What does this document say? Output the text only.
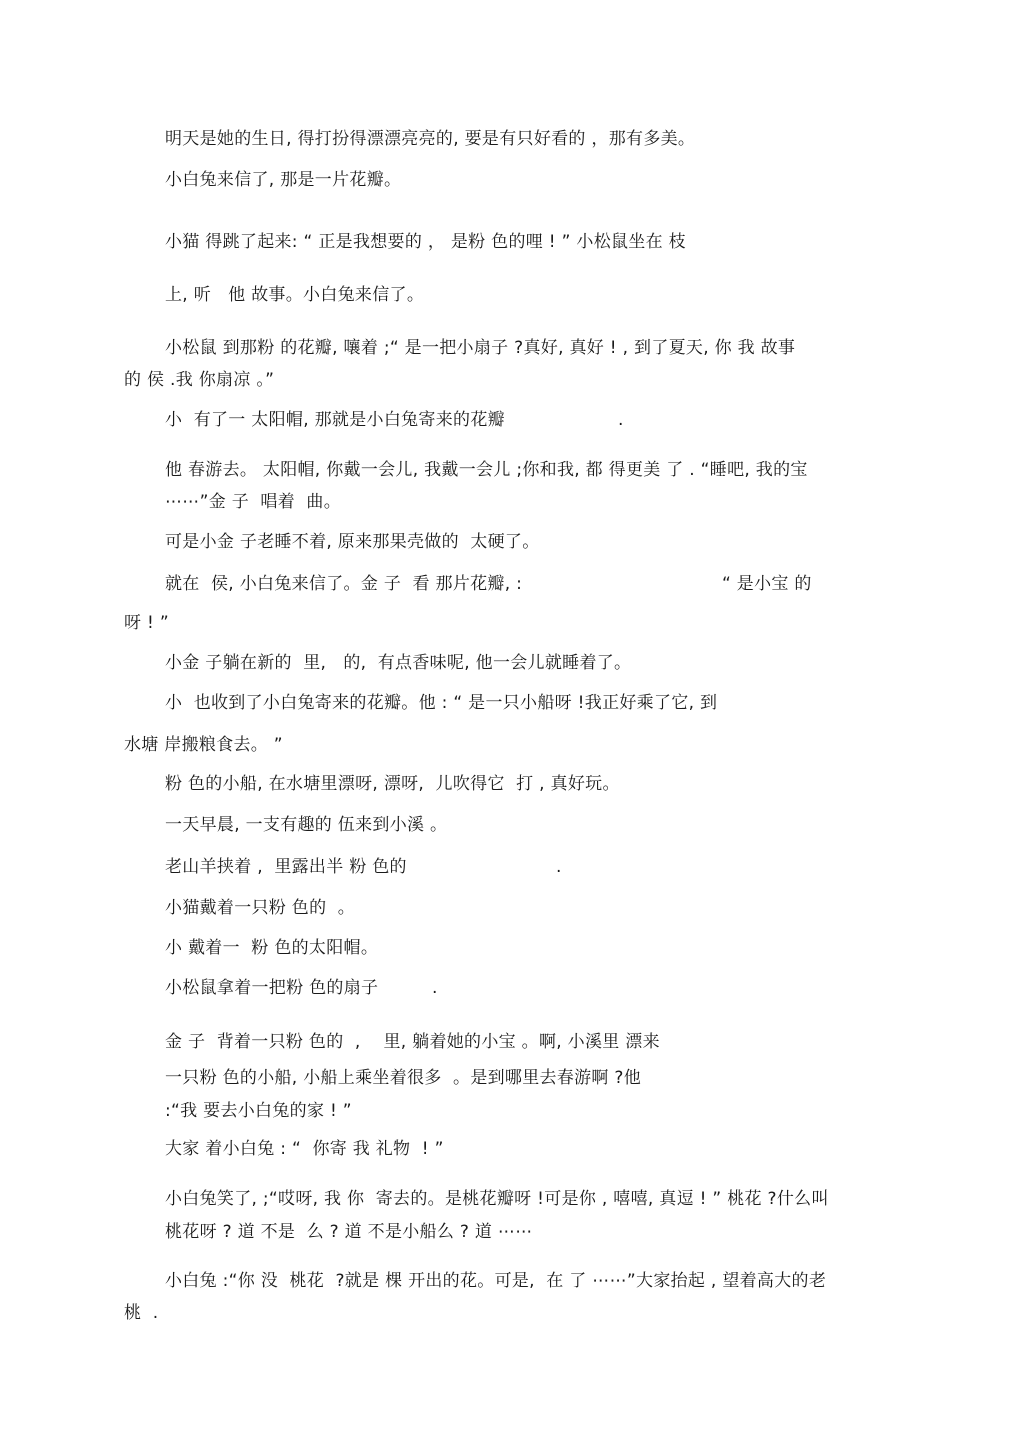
明天是她的生日, 得打扮得漂漂亮亮的, 要是有只好看的 ，那有多美。
小白兔来信了, 那是一片花瓣。
小猫 得跳了起来: “ 正是我想要的 ， 是粉 色的哩 ! ” 小松鼠坐在 枝
上, 听   他 故事。小白兔来信了。
小松鼠 到那粉 的花瓣, 嚷着 ;“ 是一把小扇子 ?真好, 真好 ! , 到了夏天, 你 我 故事
的 侯 .我 你扇凉 。”
小  有了一 太阳帽, 那就是小白兔寄来的花瓣	.
他 春游去。 太阳帽, 你戴一会儿, 我戴一会儿 ;你和我, 都 得更美 了 . “睡吧, 我的宝
⋯⋯”金 子  唱着  曲。
可是小金 子老睡不着, 原来那果壳做的  太硬了。
就在  侯, 小白兔来信了。金 子  看 那片花瓣, :	“ 是小宝 的
呀 ! ”
小金 子躺在新的  里,   的,  有点香味呢, 他一会儿就睡着了。
小  也收到了小白兔寄来的花瓣。他 : “ 是一只小船呀 !我正好乘了它, 到
水塘 岸搬粮食去。 ”
粉 色的小船, 在水塘里漂呀, 漂呀,  儿吹得它  打 , 真好玩。
一天早晨, 一支有趣的 伍来到小溪 。
老山羊挟着 ,  里露出半 粉 色的	.
小猫戴着一只粉 色的  。
小 戴着一  粉 色的太阳帽。
小松鼠拿着一把粉 色的扇子	.
金 子  背着一只粉 色的  ,    里, 躺着她的小宝 。啊, 小溪里 漂来
一只粉 色的小船, 小船上乘坐着很多  。是到哪里去春游啊 ?他
:“我 要去小白兔的家 ! ”
大家 着小白兔 : “  你寄 我 礼物  ! ”
小白兔笑了, ;“哎呀, 我 你  寄去的。是桃花瓣呀 !可是你 , 嘻嘻, 真逗 ! ” 桃花 ?什么叫
桃花呀 ? 道 不是  么 ? 道 不是小船么 ? 道 ⋯⋯
小白兔 :“你 没  桃花  ?就是 棵 开出的花。可是,  在 了 ⋯⋯”大家抬起 , 望着高大的老
桃  .
